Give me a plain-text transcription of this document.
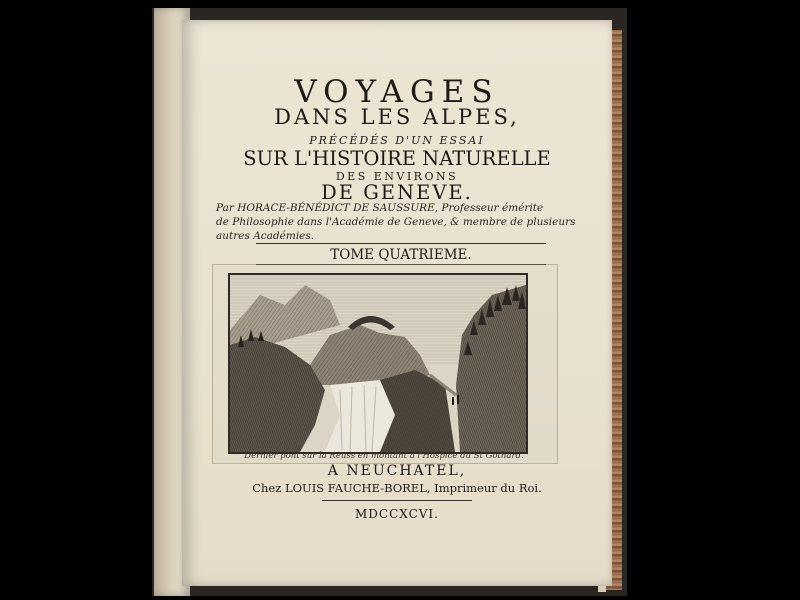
VOYAGES
DANS LES ALPES,
PRÉCÉDÉS D'UN ESSAI
SUR L'HISTOIRE NATURELLE
DES ENVIRONS
DE GENEVE.
Par HORACE-BÉNÉDICT DE SAUSSURE, Professeur émérite
de Philosophie dans l'Académie de Geneve, & membre de plusieurs
autres Académies.
TOME QUATRIEME.
Dernier pont sur la Reuss en montant a l'Hospice du St Gothard.
A NEUCHATEL,
Chez LOUIS FAUCHE-BOREL, Imprimeur du Roi.
MDCCXCVI.
